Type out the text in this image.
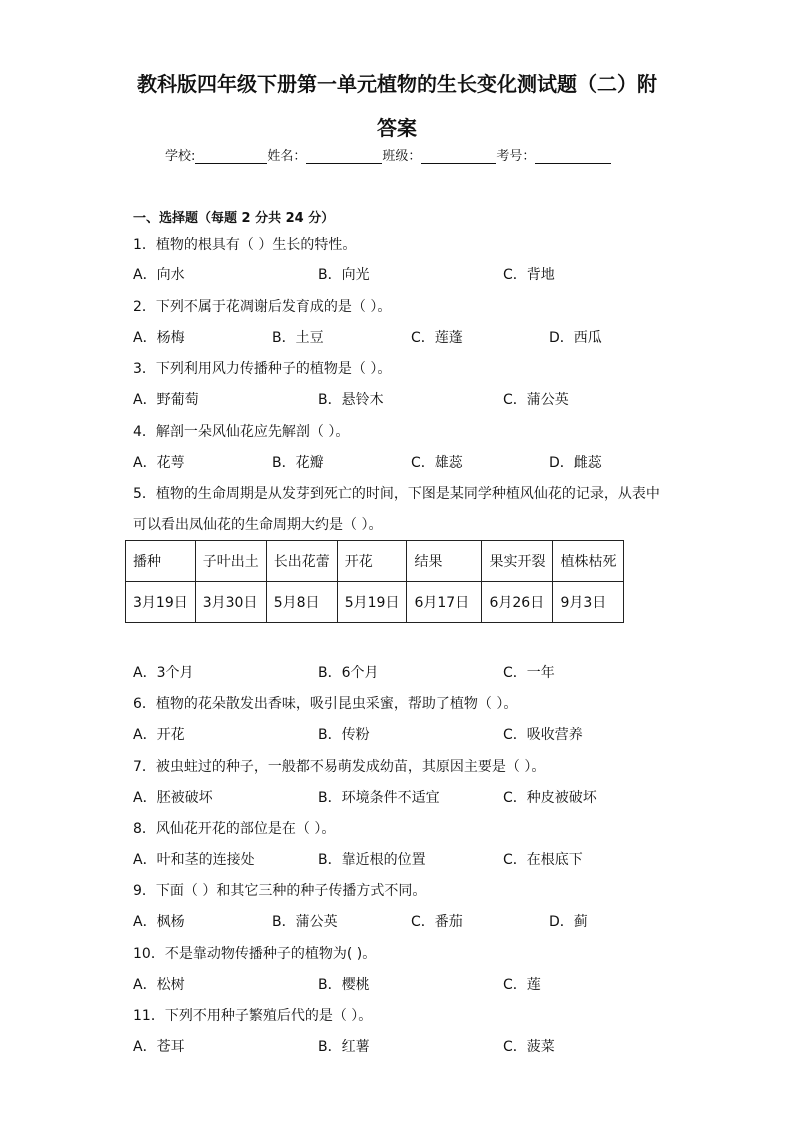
教科版四年级下册第一单元植物的生长变化测试题（二）附
答案
学校:	姓名：	班级：	考号：
一、选择题（每题 2 分共 24 分）
1．植物的根具有（ ）生长的特性。
A．向水	B．向光	C．背地
2．下列不属于花凋谢后发育成的是（ ）。
A．杨梅	B．土豆	C．莲蓬	D．西瓜
3．下列利用风力传播种子的植物是（ ）。
A．野葡萄	B．悬铃木	C．蒲公英
4．解剖一朵风仙花应先解剖（ ）。
A．花萼	B．花瓣	C．雄蕊	D．雌蕊
5．植物的生命周期是从发芽到死亡的时间，下图是某同学种植风仙花的记录，从表中
可以看出凤仙花的生命周期大约是（ ）。
播种	子叶出土	长出花蕾	开花	结果	果实开裂	植株枯死
3月19日	3月30日	5月8日	5月19日	6月17日	6月26日	9月3日
A．3个月	B．6个月	C．一年
6．植物的花朵散发出香味，吸引昆虫采蜜，帮助了植物（ ）。
A．开花	B．传粉	C．吸收营养
7．被虫蛀过的种子，一般都不易萌发成幼苗，其原因主要是（ ）。
A．胚被破坏	B．环境条件不适宜	C．种皮被破坏
8．风仙花开花的部位是在（ ）。
A．叶和茎的连接处	B．靠近根的位置	C．在根底下
9．下面（ ）和其它三种的种子传播方式不同。
A．枫杨	B．蒲公英	C．番茄	D．蓟
10．不是靠动物传播种子的植物为( )。
A．松树	B．樱桃	C．莲
11．下列不用种子繁殖后代的是（ ）。
A．苍耳	B．红薯	C．菠菜
